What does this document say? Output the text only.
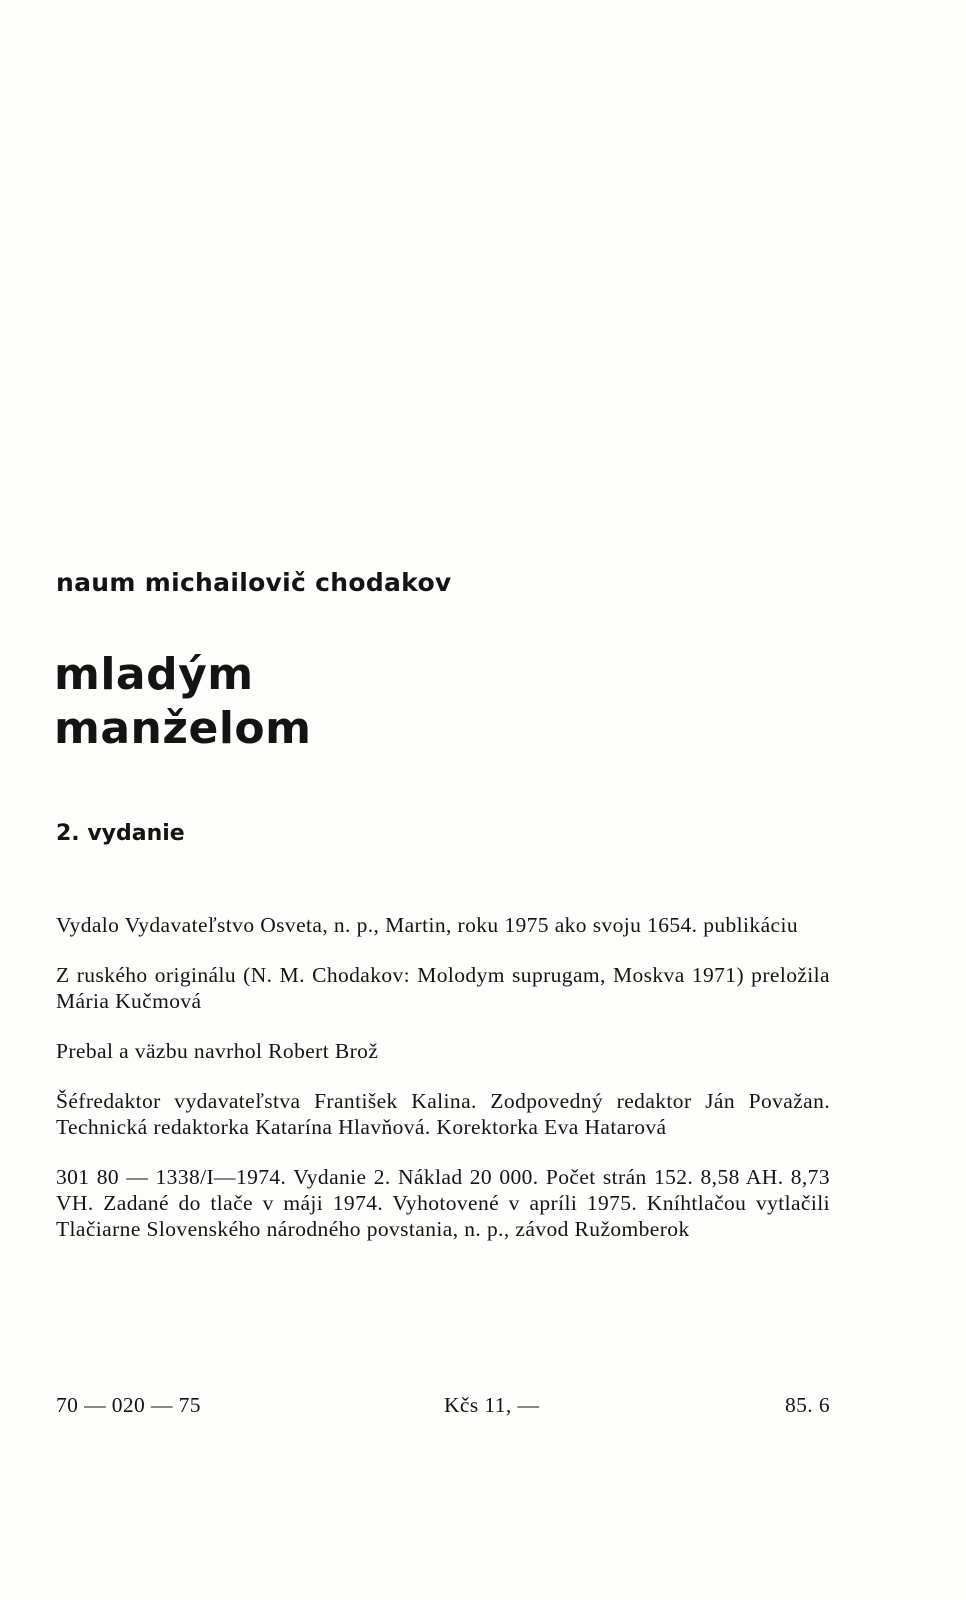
naum michailovič chodakov
mladým
manželom
2. vydanie

Vydalo Vydavateľstvo Osveta, n. p., Martin, roku 1975 ako svoju 1654. publikáciu

Z ruského originálu (N. M. Chodakov: Molodym suprugam, Moskva 1971) preložila Mária Kučmová

Prebal a väzbu navrhol Robert Brož

Šéfredaktor vydavateľstva František Kalina. Zodpovedný redaktor Ján Považan. Technická redaktorka Katarína Hlavňová. Korektorka Eva Hatarová

301 80 — 1338/I—1974. Vydanie 2. Náklad 20 000. Počet strán 152. 8,58 AH. 8,73 VH. Zadané do tlače v máji 1974. Vyhotovené v apríli 1975. Kníhtlačou vytlačili Tlačiarne Slovenského národného povstania, n. p., závod Ružomberok

70 — 020 — 75	Kčs 11, —	85. 6
